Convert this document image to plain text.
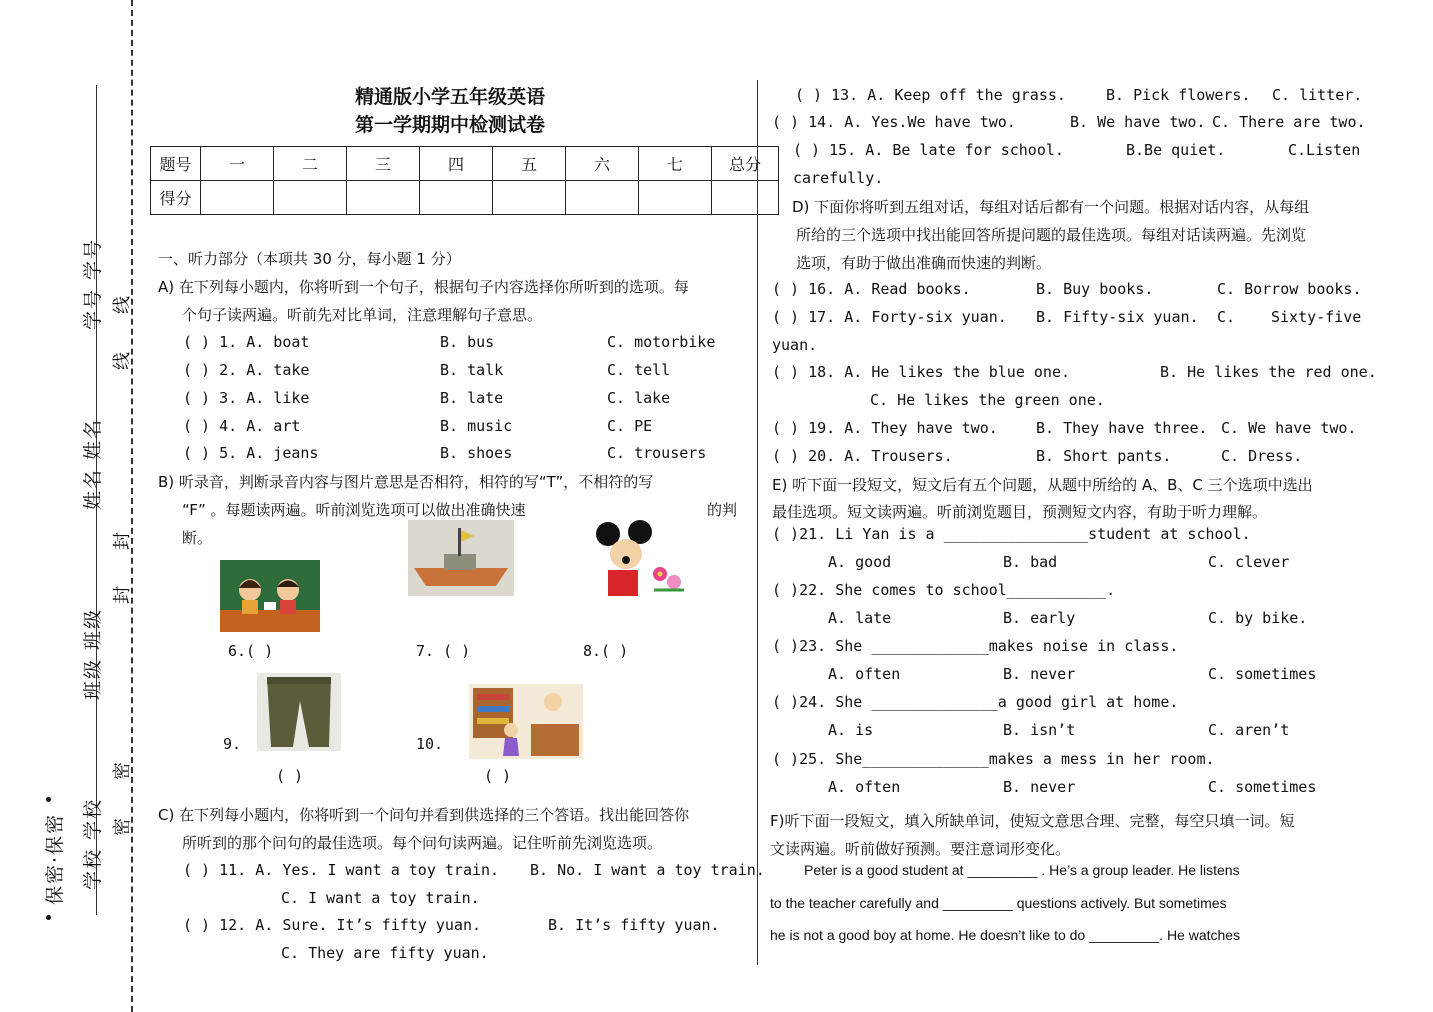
学号 学号
姓名 姓名
班级 班级
学校 学校
保密·保密
线
线
封
封
密
密
精通版小学五年级英语
第一学期期中检测试卷
题号	一	二	三	四	五	六	七	总分
得分								
一、听力部分（本项共 30 分，每小题 1 分）
A) 在下列每小题内，你将听到一个句子，根据句子内容选择你所听到的选项。每
个句子读两遍。听前先对比单词，注意理解句子意思。
( ) 1. A. boat	B. bus	C. motorbike
( ) 2. A. take	B. talk	C. tell
( ) 3. A. like	B. late	C. lake
( ) 4. A. art	B. music	C. PE
( ) 5. A. jeans	B. shoes	C. trousers
B) 听录音，判断录音内容与图片意思是否相符，相符的写“T”，不相符的写
“F” 。每题读两遍。听前浏览选项可以做出准确快速	的判
断。
6.( )	7. ( )	8.( )
9.	10.
( )	( )
C) 在下列每小题内，你将听到一个问句并看到供选择的三个答语。找出能回答你
所听到的那个问句的最佳选项。每个问句读两遍。记住听前先浏览选项。
( ) 11. A. Yes. I want a toy train. B. No. I want a toy train.
C. I want a toy train.
( ) 12. A. Sure. It’s fifty yuan.	B. It’s fifty yuan.
C. They are fifty yuan.
( ) 13. A. Keep off the grass.	B. Pick flowers. C. litter.
( ) 14. A. Yes.We have two.	B. We have two. C. There are two.
( ) 15. A. Be late for school.	B.Be quiet.	C.Listen
carefully.
D) 下面你将听到五组对话，每组对话后都有一个问题。根据对话内容，从每组
所给的三个选项中找出能回答所提问题的最佳选项。每组对话读两遍。先浏览
选项，有助于做出准确而快速的判断。
( ) 16. A. Read books.	B. Buy books.	C. Borrow books.
( ) 17. A. Forty-six yuan. B. Fifty-six yuan. C. Sixty-five
yuan.
( ) 18. A. He likes the blue one.	B. He likes the red one.
C. He likes the green one.
( ) 19. A. They have two.	B. They have three. C. We have two.
( ) 20. A. Trousers.	B. Short pants.	C. Dress.
E) 听下面一段短文，短文后有五个问题，从题中所给的 A、B、C 三个选项中选出
最佳选项。短文读两遍。听前浏览题目，预测短文内容，有助于听力理解。
( )21. Li Yan is a ________________student at school.
A. good	B. bad	C. clever
( )22. She comes to school___________.
A. late	B. early	C. by bike.
( )23. She _____________makes noise in class.
A. often	B. never	C. sometimes
( )24. She ______________a good girl at home.
A. is	B. isn’t	C. aren’t
( )25. She______________makes a mess in her room.
A. often	B. never	C. sometimes
F)听下面一段短文，填入所缺单词，使短文意思合理、完整，每空只填一词。短
文读两遍。听前做好预测。要注意词形变化。
Peter is a good student at _________ . He’s a group leader. He listens
to the teacher carefully and _________ questions actively. But sometimes
he is not a good boy at home. He doesn’t like to do _________. He watches
